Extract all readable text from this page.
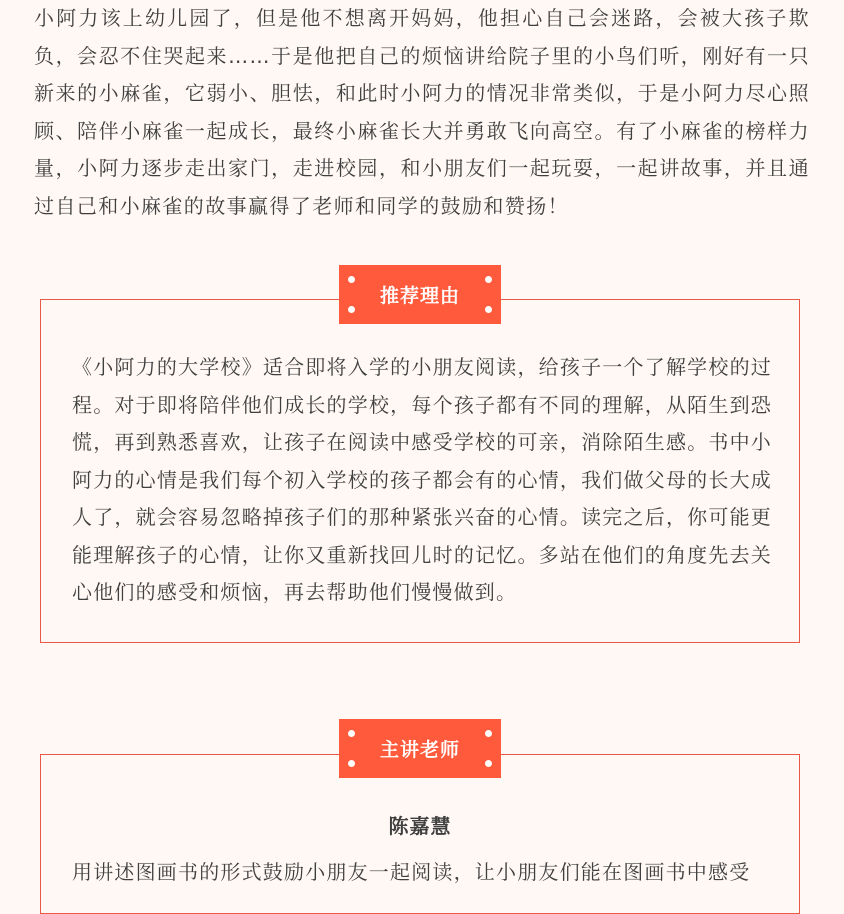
小阿力该上幼儿园了，但是他不想离开妈妈，他担心自己会迷路，会被大孩子欺负，会忍不住哭起来……于是他把自己的烦恼讲给院子里的小鸟们听，刚好有一只新来的小麻雀，它弱小、胆怯，和此时小阿力的情况非常类似，于是小阿力尽心照顾、陪伴小麻雀一起成长，最终小麻雀长大并勇敢飞向高空。有了小麻雀的榜样力量，小阿力逐步走出家门，走进校园，和小朋友们一起玩耍，一起讲故事，并且通过自己和小麻雀的故事赢得了老师和同学的鼓励和赞扬！

推荐理由

《小阿力的大学校》适合即将入学的小朋友阅读，给孩子一个了解学校的过程。对于即将陪伴他们成长的学校，每个孩子都有不同的理解，从陌生到恐慌，再到熟悉喜欢，让孩子在阅读中感受学校的可亲，消除陌生感。书中小阿力的心情是我们每个初入学校的孩子都会有的心情，我们做父母的长大成人了，就会容易忽略掉孩子们的那种紧张兴奋的心情。读完之后，你可能更能理解孩子的心情，让你又重新找回儿时的记忆。多站在他们的角度先去关心他们的感受和烦恼，再去帮助他们慢慢做到。

主讲老师

陈嘉慧

用讲述图画书的形式鼓励小朋友一起阅读，让小朋友们能在图画书中感受
